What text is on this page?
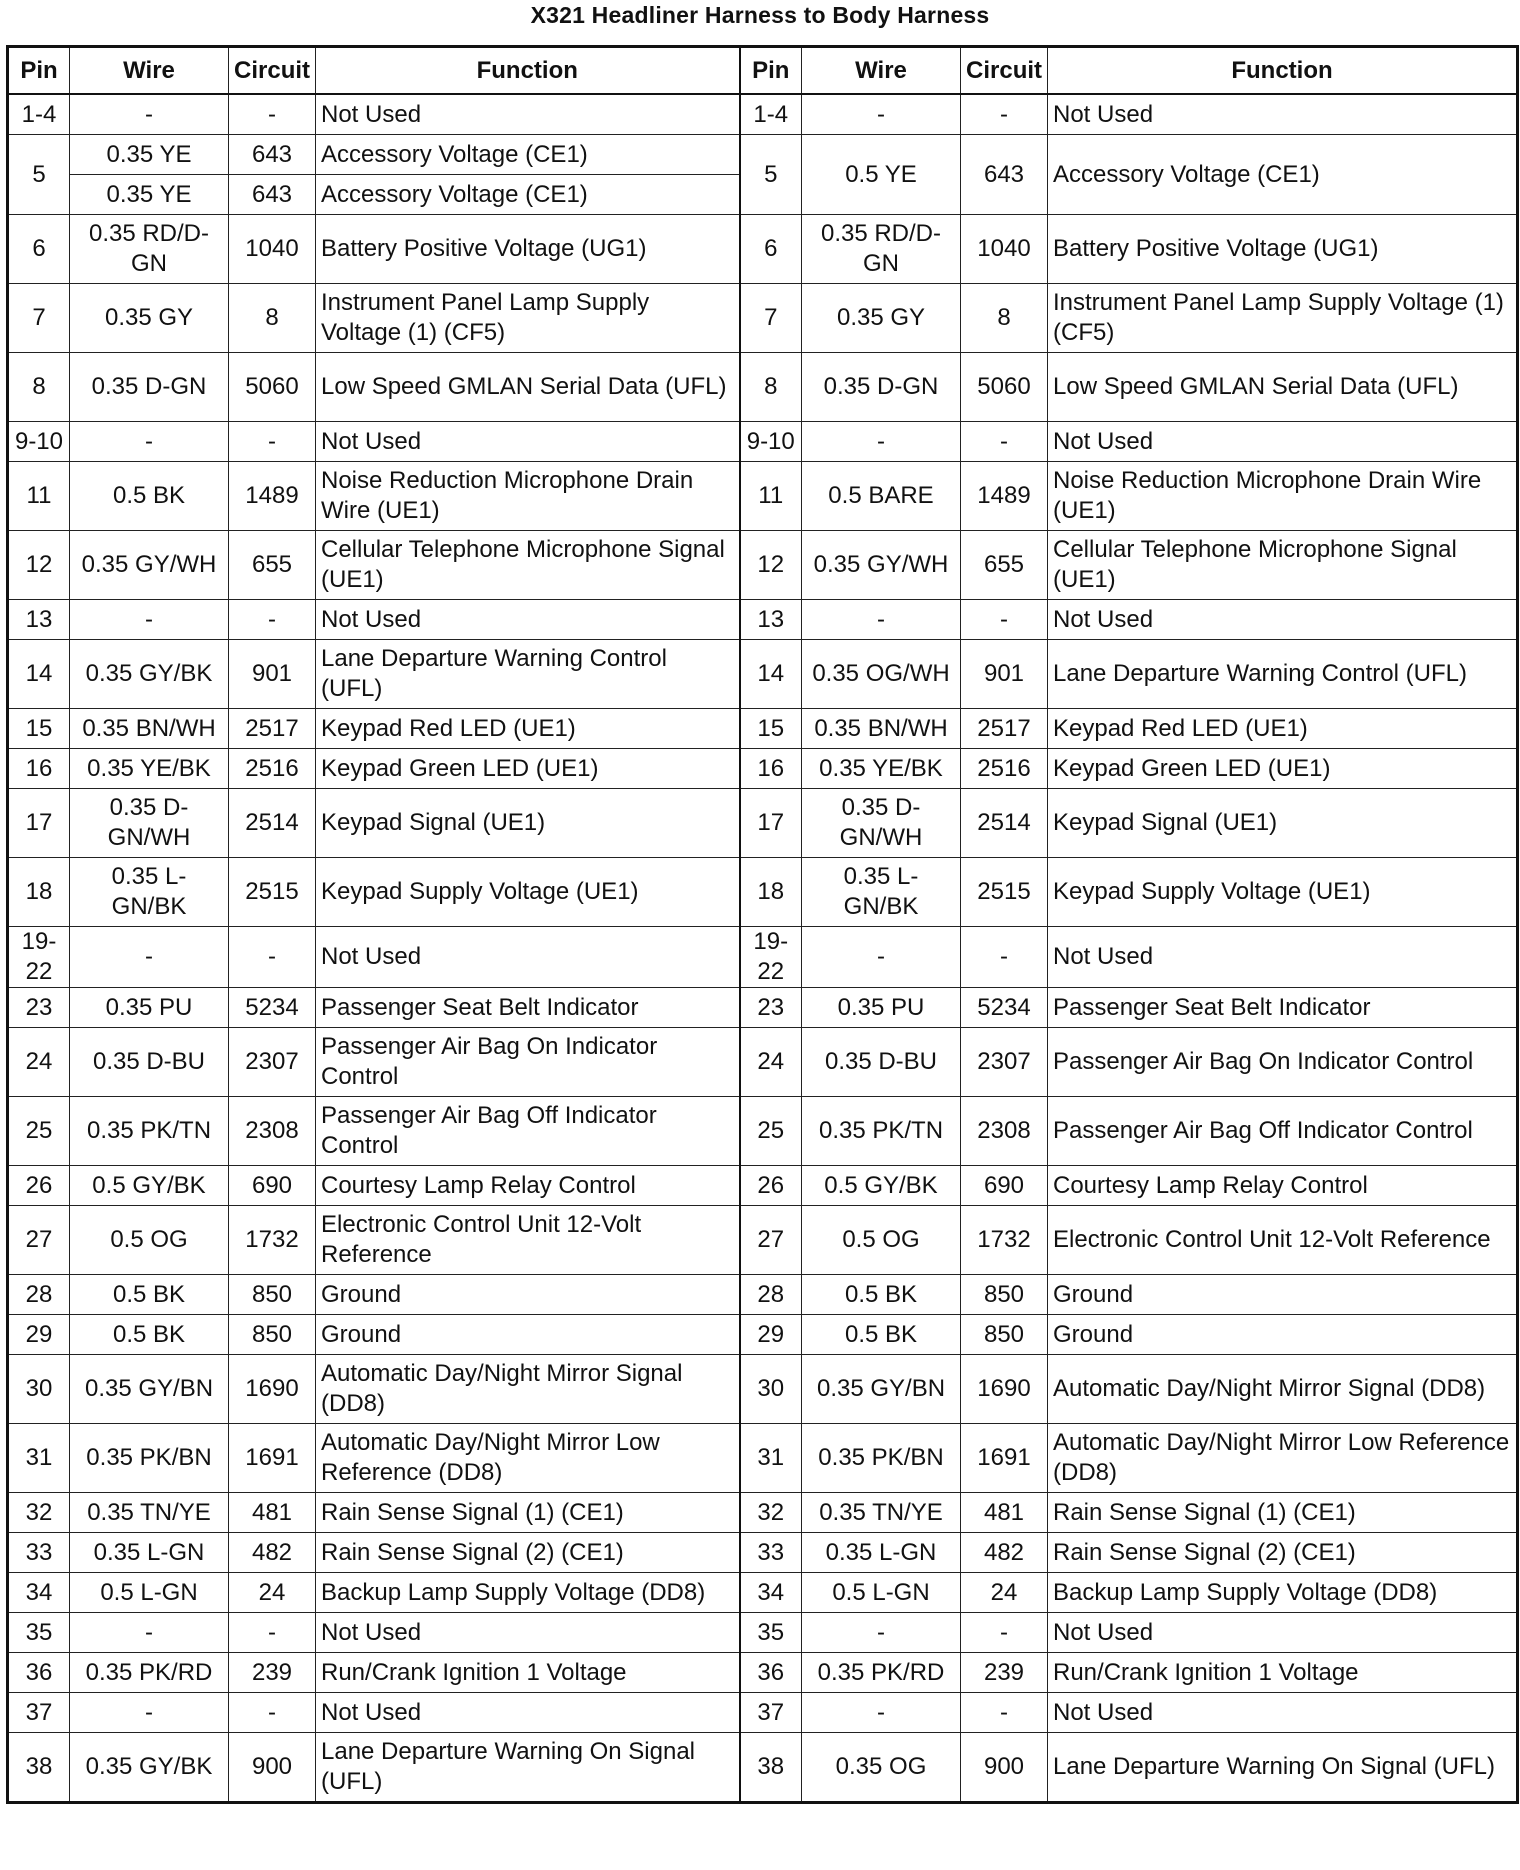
X321 Headliner Harness to Body Harness
Pin	Wire	Circuit	Function	Pin	Wire	Circuit	Function
1-4	-	-	Not Used	1-4	-	-	Not Used
5	0.35 YE	643	Accessory Voltage (CE1)	5	0.5 YE	643	Accessory Voltage (CE1)
	0.35 YE	643	Accessory Voltage (CE1)				
6	0.35 RD/D-GN	1040	Battery Positive Voltage (UG1)	6	0.35 RD/D-GN	1040	Battery Positive Voltage (UG1)
7	0.35 GY	8	Instrument Panel Lamp Supply Voltage (1) (CF5)	7	0.35 GY	8	Instrument Panel Lamp Supply Voltage (1) (CF5)
8	0.35 D-GN	5060	Low Speed GMLAN Serial Data (UFL)	8	0.35 D-GN	5060	Low Speed GMLAN Serial Data (UFL)
9-10	-	-	Not Used	9-10	-	-	Not Used
11	0.5 BK	1489	Noise Reduction Microphone Drain Wire (UE1)	11	0.5 BARE	1489	Noise Reduction Microphone Drain Wire (UE1)
12	0.35 GY/WH	655	Cellular Telephone Microphone Signal (UE1)	12	0.35 GY/WH	655	Cellular Telephone Microphone Signal (UE1)
13	-	-	Not Used	13	-	-	Not Used
14	0.35 GY/BK	901	Lane Departure Warning Control (UFL)	14	0.35 OG/WH	901	Lane Departure Warning Control (UFL)
15	0.35 BN/WH	2517	Keypad Red LED (UE1)	15	0.35 BN/WH	2517	Keypad Red LED (UE1)
16	0.35 YE/BK	2516	Keypad Green LED (UE1)	16	0.35 YE/BK	2516	Keypad Green LED (UE1)
17	0.35 D-GN/WH	2514	Keypad Signal (UE1)	17	0.35 D-GN/WH	2514	Keypad Signal (UE1)
18	0.35 L-GN/BK	2515	Keypad Supply Voltage (UE1)	18	0.35 L-GN/BK	2515	Keypad Supply Voltage (UE1)
19-22	-	-	Not Used	19-22	-	-	Not Used
23	0.35 PU	5234	Passenger Seat Belt Indicator	23	0.35 PU	5234	Passenger Seat Belt Indicator
24	0.35 D-BU	2307	Passenger Air Bag On Indicator Control	24	0.35 D-BU	2307	Passenger Air Bag On Indicator Control
25	0.35 PK/TN	2308	Passenger Air Bag Off Indicator Control	25	0.35 PK/TN	2308	Passenger Air Bag Off Indicator Control
26	0.5 GY/BK	690	Courtesy Lamp Relay Control	26	0.5 GY/BK	690	Courtesy Lamp Relay Control
27	0.5 OG	1732	Electronic Control Unit 12-Volt Reference	27	0.5 OG	1732	Electronic Control Unit 12-Volt Reference
28	0.5 BK	850	Ground	28	0.5 BK	850	Ground
29	0.5 BK	850	Ground	29	0.5 BK	850	Ground
30	0.35 GY/BN	1690	Automatic Day/Night Mirror Signal (DD8)	30	0.35 GY/BN	1690	Automatic Day/Night Mirror Signal (DD8)
31	0.35 PK/BN	1691	Automatic Day/Night Mirror Low Reference (DD8)	31	0.35 PK/BN	1691	Automatic Day/Night Mirror Low Reference (DD8)
32	0.35 TN/YE	481	Rain Sense Signal (1) (CE1)	32	0.35 TN/YE	481	Rain Sense Signal (1) (CE1)
33	0.35 L-GN	482	Rain Sense Signal (2) (CE1)	33	0.35 L-GN	482	Rain Sense Signal (2) (CE1)
34	0.5 L-GN	24	Backup Lamp Supply Voltage (DD8)	34	0.5 L-GN	24	Backup Lamp Supply Voltage (DD8)
35	-	-	Not Used	35	-	-	Not Used
36	0.35 PK/RD	239	Run/Crank Ignition 1 Voltage	36	0.35 PK/RD	239	Run/Crank Ignition 1 Voltage
37	-	-	Not Used	37	-	-	Not Used
38	0.35 GY/BK	900	Lane Departure Warning On Signal (UFL)	38	0.35 OG	900	Lane Departure Warning On Signal (UFL)
